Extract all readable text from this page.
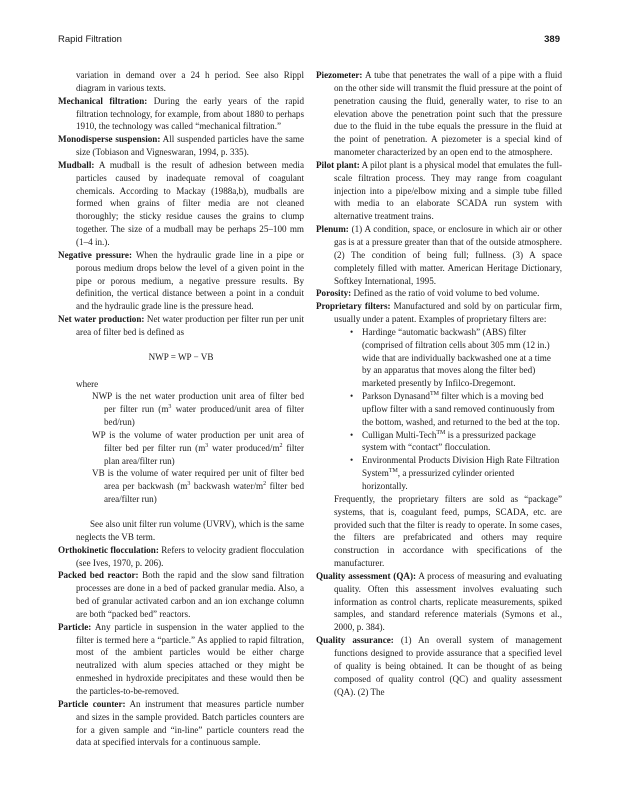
Rapid Filtration	389
variation in demand over a 24 h period. See also Rippl diagram in various texts.
Mechanical filtration: During the early years of the rapid filtration technology, for example, from about 1880 to perhaps 1910, the technology was called “mechanical filtration.”
Monodisperse suspension: All suspended particles have the same size (Tobiason and Vigneswaran, 1994, p. 335).
Mudball: A mudball is the result of adhesion between media particles caused by inadequate removal of coagulant chemicals. According to Mackay (1988a,b), mudballs are formed when grains of filter media are not cleaned thoroughly; the sticky residue causes the grains to clump together. The size of a mudball may be perhaps 25–100 mm (1–4 in.).
Negative pressure: When the hydraulic grade line in a pipe or porous medium drops below the level of a given point in the pipe or porous medium, a negative pressure results. By definition, the vertical distance between a point in a conduit and the hydraulic grade line is the pressure head.
Net water production: Net water production per filter run per unit area of filter bed is defined as
NWP = WP − VB
where
NWP is the net water production unit area of filter bed per filter run ($m^3$ water produced/unit area of filter bed/run)
WP is the volume of water production per unit area of filter bed per filter run ($m^3$ water produced/$m^2$ filter plan area/filter run)
VB is the volume of water required per unit of filter bed area per backwash ($m^3$ backwash water/$m^2$ filter bed area/filter run)
See also unit filter run volume (UVRV), which is the same neglects the VB term.
Orthokinetic flocculation: Refers to velocity gradient flocculation (see Ives, 1970, p. 206).
Packed bed reactor: Both the rapid and the slow sand filtration processes are done in a bed of packed granular media. Also, a bed of granular activated carbon and an ion exchange column are both “packed bed” reactors.
Particle: Any particle in suspension in the water applied to the filter is termed here a “particle.” As applied to rapid filtration, most of the ambient particles would be either charge neutralized with alum species attached or they might be enmeshed in hydroxide precipitates and these would then be the particles-to-be-removed.
Particle counter: An instrument that measures particle number and sizes in the sample provided. Batch particles counters are for a given sample and “in-line” particle counters read the data at specified intervals for a continuous sample.
Piezometer: A tube that penetrates the wall of a pipe with a fluid on the other side will transmit the fluid pressure at the point of penetration causing the fluid, generally water, to rise to an elevation above the penetration point such that the pressure due to the fluid in the tube equals the pressure in the fluid at the point of penetration. A piezometer is a special kind of manometer characterized by an open end to the atmosphere.
Pilot plant: A pilot plant is a physical model that emulates the full-scale filtration process. They may range from coagulant injection into a pipe/elbow mixing and a simple tube filled with media to an elaborate SCADA run system with alternative treatment trains.
Plenum: (1) A condition, space, or enclosure in which air or other gas is at a pressure greater than that of the outside atmosphere. (2) The condition of being full; fullness. (3) A space completely filled with matter. American Heritage Dictionary, Softkey International, 1995.
Porosity: Defined as the ratio of void volume to bed volume.
Proprietary filters: Manufactured and sold by on particular firm, usually under a patent. Examples of proprietary filters are:
• Hardinge “automatic backwash” (ABS) filter (comprised of filtration cells about 305 mm (12 in.) wide that are individually backwashed one at a time by an apparatus that moves along the filter bed) marketed presently by Infilco-Dregemont.
• Parkson Dynasand™ filter which is a moving bed upflow filter with a sand removed continuously from the bottom, washed, and returned to the bed at the top.
• Culligan Multi-Tech™ is a pressurized package system with “contact” flocculation.
• Environmental Products Division High Rate Filtration System™, a pressurized cylinder oriented horizontally.
Frequently, the proprietary filters are sold as “package” systems, that is, coagulant feed, pumps, SCADA, etc. are provided such that the filter is ready to operate. In some cases, the filters are prefabricated and others may require construction in accordance with specifications of the manufacturer.
Quality assessment (QA): A process of measuring and evaluating quality. Often this assessment involves evaluating such information as control charts, replicate measurements, spiked samples, and standard reference materials (Symons et al., 2000, p. 384).
Quality assurance: (1) An overall system of management functions designed to provide assurance that a specified level of quality is being obtained. It can be thought of as being composed of quality control (QC) and quality assessment (QA). (2) The
